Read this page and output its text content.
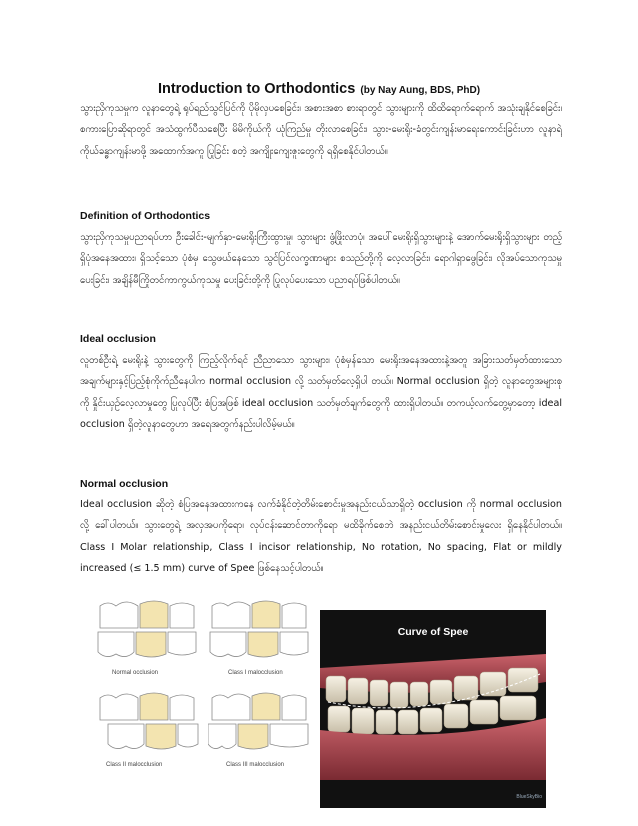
Introduction to Orthodontics (by Nay Aung, BDS, PhD)

သွားညှိကုသမှုက လူနာတွေရဲ့ ရုပ်ရည်သွင်ပြင်ကို ပိုမိုလှပစေခြင်း၊ အစားအစာ စားရာတွင် သွားများကို ထိထိရောက်ရောက် အသုံးချနိုင်စေခြင်း၊ စကားပြောဆိုရာတွင် အသံထွက်ပီသစေပြီး မိမိကိုယ်ကို ယုံကြည်မှု တိုးလာစေခြင်း၊ သွား-မေးရိုး-ခံတွင်းကျန်းမာရေးကောင်းခြင်းဟာ လူနာရဲ့ကိုယ်ခန္ဓာကျန်းမာဖို့ အထောက်အကူ ပြုခြင်း စတဲ့ အကျိုးကျေးဇူးတွေကို ရရှိစေနိုင်ပါတယ်။

Definition of Orthodontics

သွားညှိကုသမှုပညာရပ်ဟာ ဦးခေါင်း-မျက်နှာ-မေးရိုးကြီးထွားမှု၊ သွားများ ဖွံ့ဖြိုးလာပုံ၊ အပေါ်မေးရိုးရှိသွားများနဲ့ အောက်မေးရိုးရှိသွားများ တည့်ရှိပုံအနေအထား၊ ရှိသင့်သော ပုံစံမှ သွေဖယ်နေသော သွင်ပြင်လက္ခဏာများ စသည်တို့ကို လေ့လာခြင်း၊ ရောဂါရှာဖွေခြင်း၊ လိုအပ်သောကုသမှုပေးခြင်း၊ အချိန်မီကြိုတင်ကာကွယ်ကုသမှု ပေးခြင်းတို့ကို ပြုလုပ်ပေးသော ပညာရပ်ဖြစ်ပါတယ်။

Ideal occlusion

လူတစ်ဦးရဲ့ မေးရိုးနဲ့ သွားတွေကို ကြည့်လိုက်ရင် ညီညာသော သွားများ၊ ပုံစံမှန်သော မေးရိုးအနေအထားနဲ့အတူ အခြားသတ်မှတ်ထားသော အချက်များနှင့်ပြည့်စုံကိုက်ညီနေပါက normal occlusion လို့ သတ်မှတ်လေ့ရှိပါ တယ်။ Normal occlusion ရှိတဲ့ လူနာတွေအများစုကို နှိုင်းယှဉ်လေ့လာမှုတွေ ပြုလုပ်ပြီး စံပြအဖြစ် ideal occlusion သတ်မှတ်ချက်တွေကို ထားရှိပါတယ်။ တကယ့်လက်တွေ့မှာတော့ ideal occlusion ရှိတဲ့လူနာတွေဟာ အရေအတွက်နည်းပါလိမ့်မယ်။

Normal occlusion

Ideal occlusion ဆိုတဲ့ စံပြအနေအထားကနေ လက်ခံနိုင်တဲ့တိမ်းစောင်းမှုအနည်းငယ်သာရှိတဲ့ occlusion ကို normal occlusion လို့ ခေါ်ပါတယ်။ သွားတွေရဲ့ အလှအပကိုရော၊ လုပ်ငန်းဆောင်တာကိုရော မထိခိုက်စေဘဲ အနည်းငယ်တိမ်းစောင်းမှုလေး ရှိနေနိုင်ပါတယ်။ Class I Molar relationship, Class I incisor relationship, No rotation, No spacing, Flat or mildly increased (≤ 1.5 mm) curve of Spee ဖြစ်နေသင့်ပါတယ်။

Normal occlusion	Class I malocclusion
Class II malocclusion	Class III malocclusion
Curve of Spee
BlueSkyBio
